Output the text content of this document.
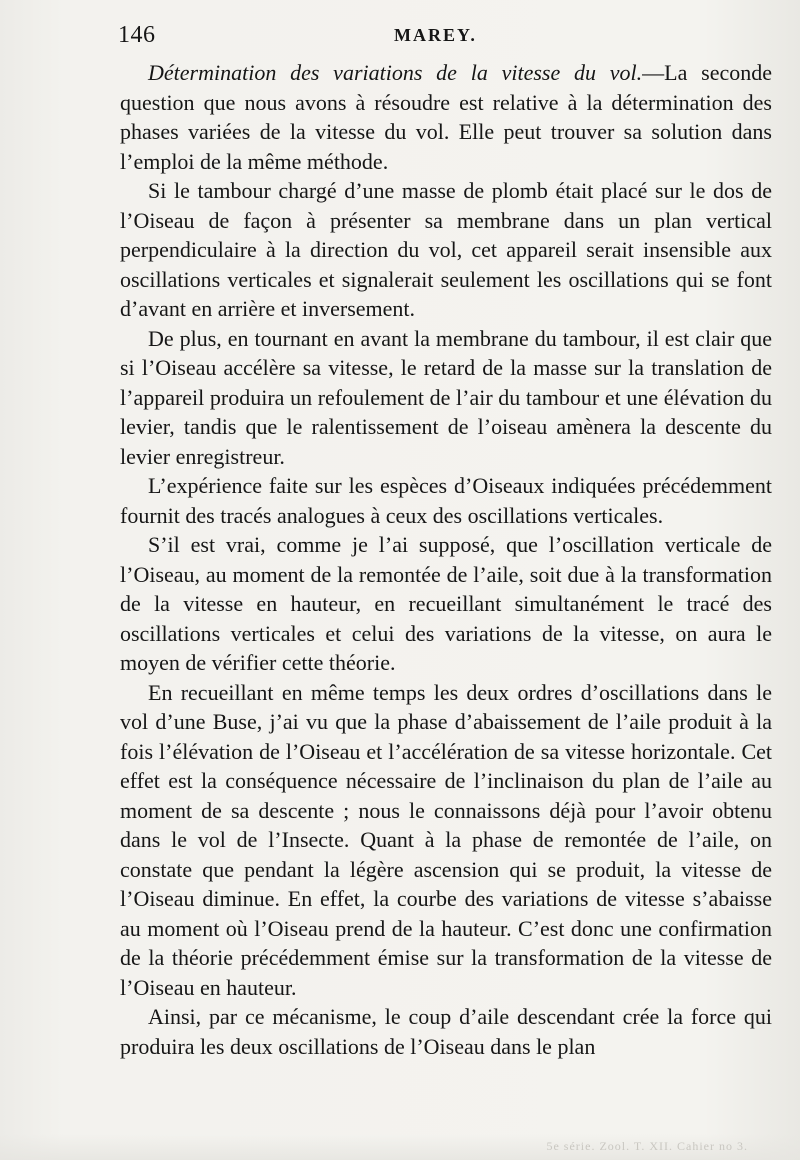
146	MAREY.

Détermination des variations de la vitesse du vol.—La seconde question que nous avons à résoudre est relative à la détermination des phases variées de la vitesse du vol. Elle peut trouver sa solution dans l’emploi de la même méthode.

Si le tambour chargé d’une masse de plomb était placé sur le dos de l’Oiseau de façon à présenter sa membrane dans un plan vertical perpendiculaire à la direction du vol, cet appareil serait insensible aux oscillations verticales et signalerait seulement les oscillations qui se font d’avant en arrière et inversement.

De plus, en tournant en avant la membrane du tambour, il est clair que si l’Oiseau accélère sa vitesse, le retard de la masse sur la translation de l’appareil produira un refoulement de l’air du tambour et une élévation du levier, tandis que le ralentissement de l’oiseau amènera la descente du levier enregistreur.

L’expérience faite sur les espèces d’Oiseaux indiquées précédemment fournit des tracés analogues à ceux des oscillations verticales.

S’il est vrai, comme je l’ai supposé, que l’oscillation verticale de l’Oiseau, au moment de la remontée de l’aile, soit due à la transformation de la vitesse en hauteur, en recueillant simultanément le tracé des oscillations verticales et celui des variations de la vitesse, on aura le moyen de vérifier cette théorie.

En recueillant en même temps les deux ordres d’oscillations dans le vol d’une Buse, j’ai vu que la phase d’abaissement de l’aile produit à la fois l’élévation de l’Oiseau et l’accélération de sa vitesse horizontale. Cet effet est la conséquence nécessaire de l’inclinaison du plan de l’aile au moment de sa descente ; nous le connaissons déjà pour l’avoir obtenu dans le vol de l’Insecte. Quant à la phase de remontée de l’aile, on constate que pendant la légère ascension qui se produit, la vitesse de l’Oiseau diminue. En effet, la courbe des variations de vitesse s’abaisse au moment où l’Oiseau prend de la hauteur. C’est donc une confirmation de la théorie précédemment émise sur la transformation de la vitesse de l’Oiseau en hauteur.

Ainsi, par ce mécanisme, le coup d’aile descendant crée la force qui produira les deux oscillations de l’Oiseau dans le plan

5e série. Zool. T. XII. Cahier no 3.
